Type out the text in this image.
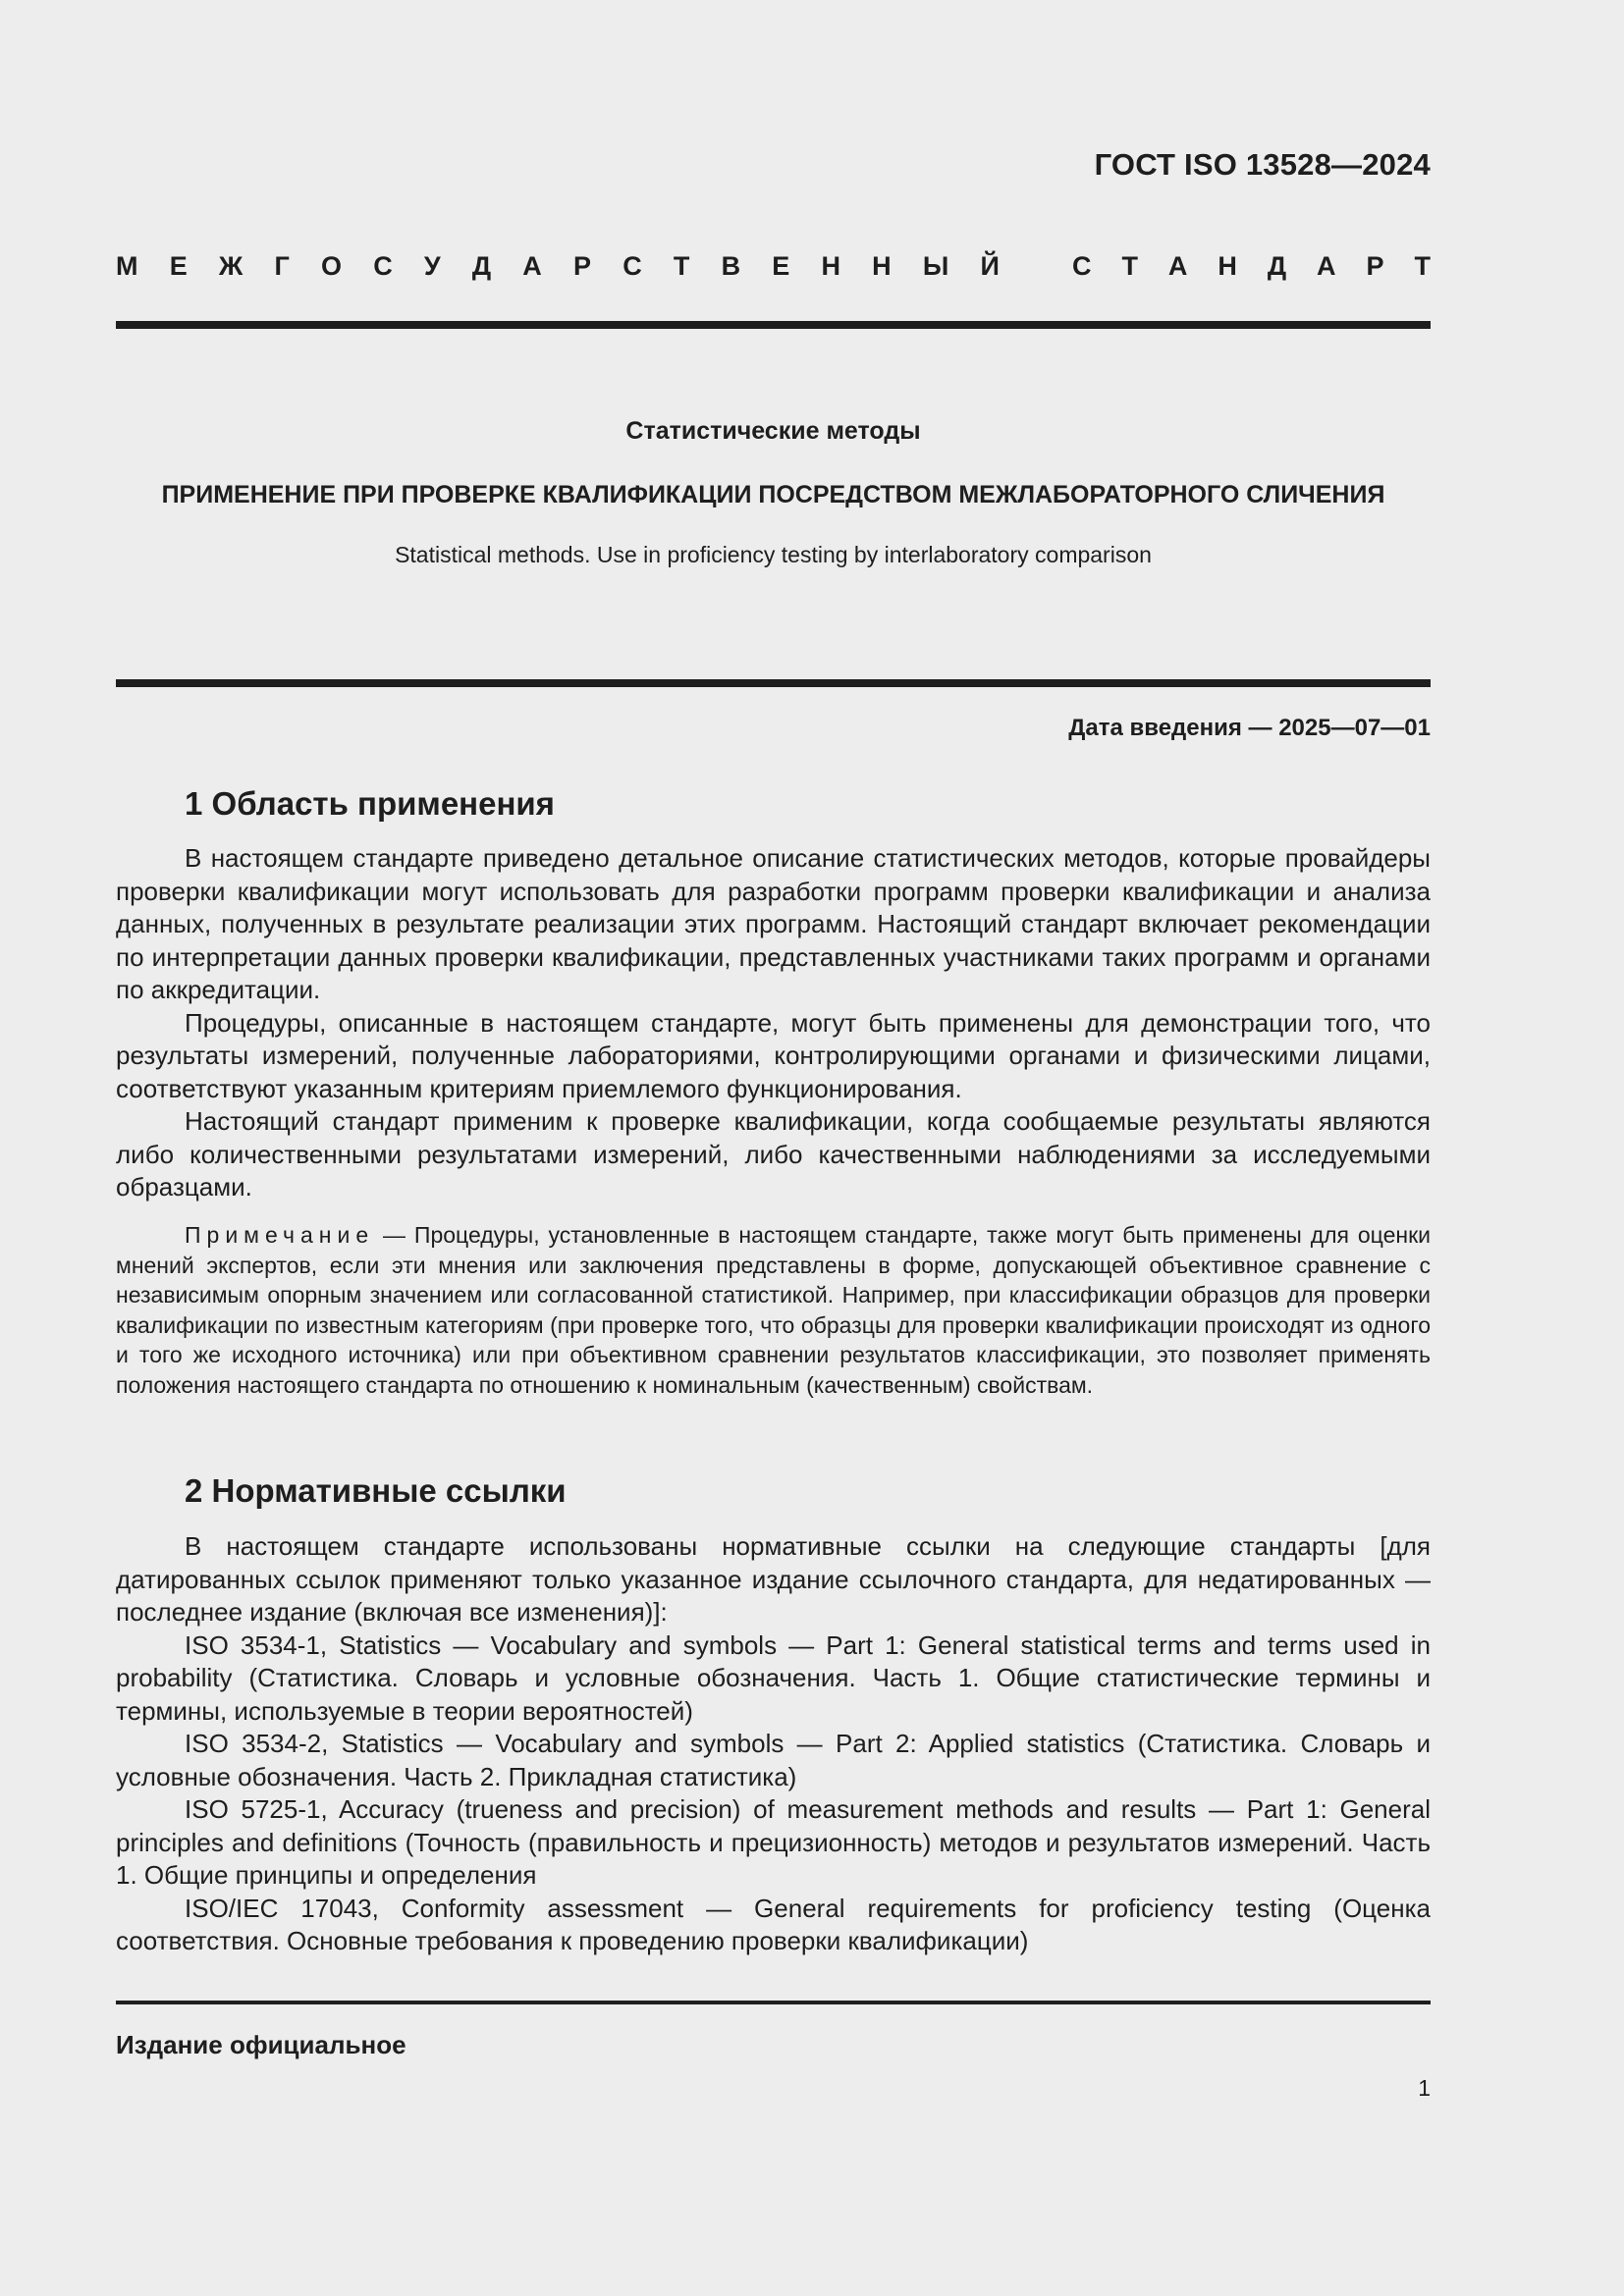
ГОСТ ISO 13528—2024
М Е Ж Г О С У Д А Р С Т В Е Н Н Ы Й	С Т А Н Д А Р Т
Статистические методы
ПРИМЕНЕНИЕ ПРИ ПРОВЕРКЕ КВАЛИФИКАЦИИ ПОСРЕДСТВОМ МЕЖЛАБОРАТОРНОГО СЛИЧЕНИЯ
Statistical methods. Use in proficiency testing by interlaboratory comparison
Дата введения — 2025—07—01
1 Область применения

В настоящем стандарте приведено детальное описание статистических методов, которые провайдеры проверки квалификации могут использовать для разработки программ проверки квалификации и анализа данных, полученных в результате реализации этих программ. Настоящий стандарт включает рекомендации по интерпретации данных проверки квалификации, представленных участниками таких программ и органами по аккредитации.

Процедуры, описанные в настоящем стандарте, могут быть применены для демонстрации того, что результаты измерений, полученные лабораториями, контролирующими органами и физическими лицами, соответствуют указанным критериям приемлемого функционирования.

Настоящий стандарт применим к проверке квалификации, когда сообщаемые результаты являются либо количественными результатами измерений, либо качественными наблюдениями за исследуемыми образцами.

Примечание — Процедуры, установленные в настоящем стандарте, также могут быть применены для оценки мнений экспертов, если эти мнения или заключения представлены в форме, допускающей объективное сравнение с независимым опорным значением или согласованной статистикой. Например, при классификации образцов для проверки квалификации по известным категориям (при проверке того, что образцы для проверки квалификации происходят из одного и того же исходного источника) или при объективном сравнении результатов классификации, это позволяет применять положения настоящего стандарта по отношению к номинальным (качественным) свойствам.

2 Нормативные ссылки

В настоящем стандарте использованы нормативные ссылки на следующие стандарты [для датированных ссылок применяют только указанное издание ссылочного стандарта, для недатированных — последнее издание (включая все изменения)]:

ISO 3534-1, Statistics — Vocabulary and symbols — Part 1: General statistical terms and terms used in probability (Статистика. Словарь и условные обозначения. Часть 1. Общие статистические термины и термины, используемые в теории вероятностей)

ISO 3534-2, Statistics — Vocabulary and symbols — Part 2: Applied statistics (Статистика. Словарь и условные обозначения. Часть 2. Прикладная статистика)

ISO 5725-1, Accuracy (trueness and precision) of measurement methods and results — Part 1: General principles and definitions (Точность (правильность и прецизионность) методов и результатов измерений. Часть 1. Общие принципы и определения

ISO/IEC 17043, Conformity assessment — General requirements for proficiency testing (Оценка соответствия. Основные требования к проведению проверки квалификации)

Издание официальное
1
